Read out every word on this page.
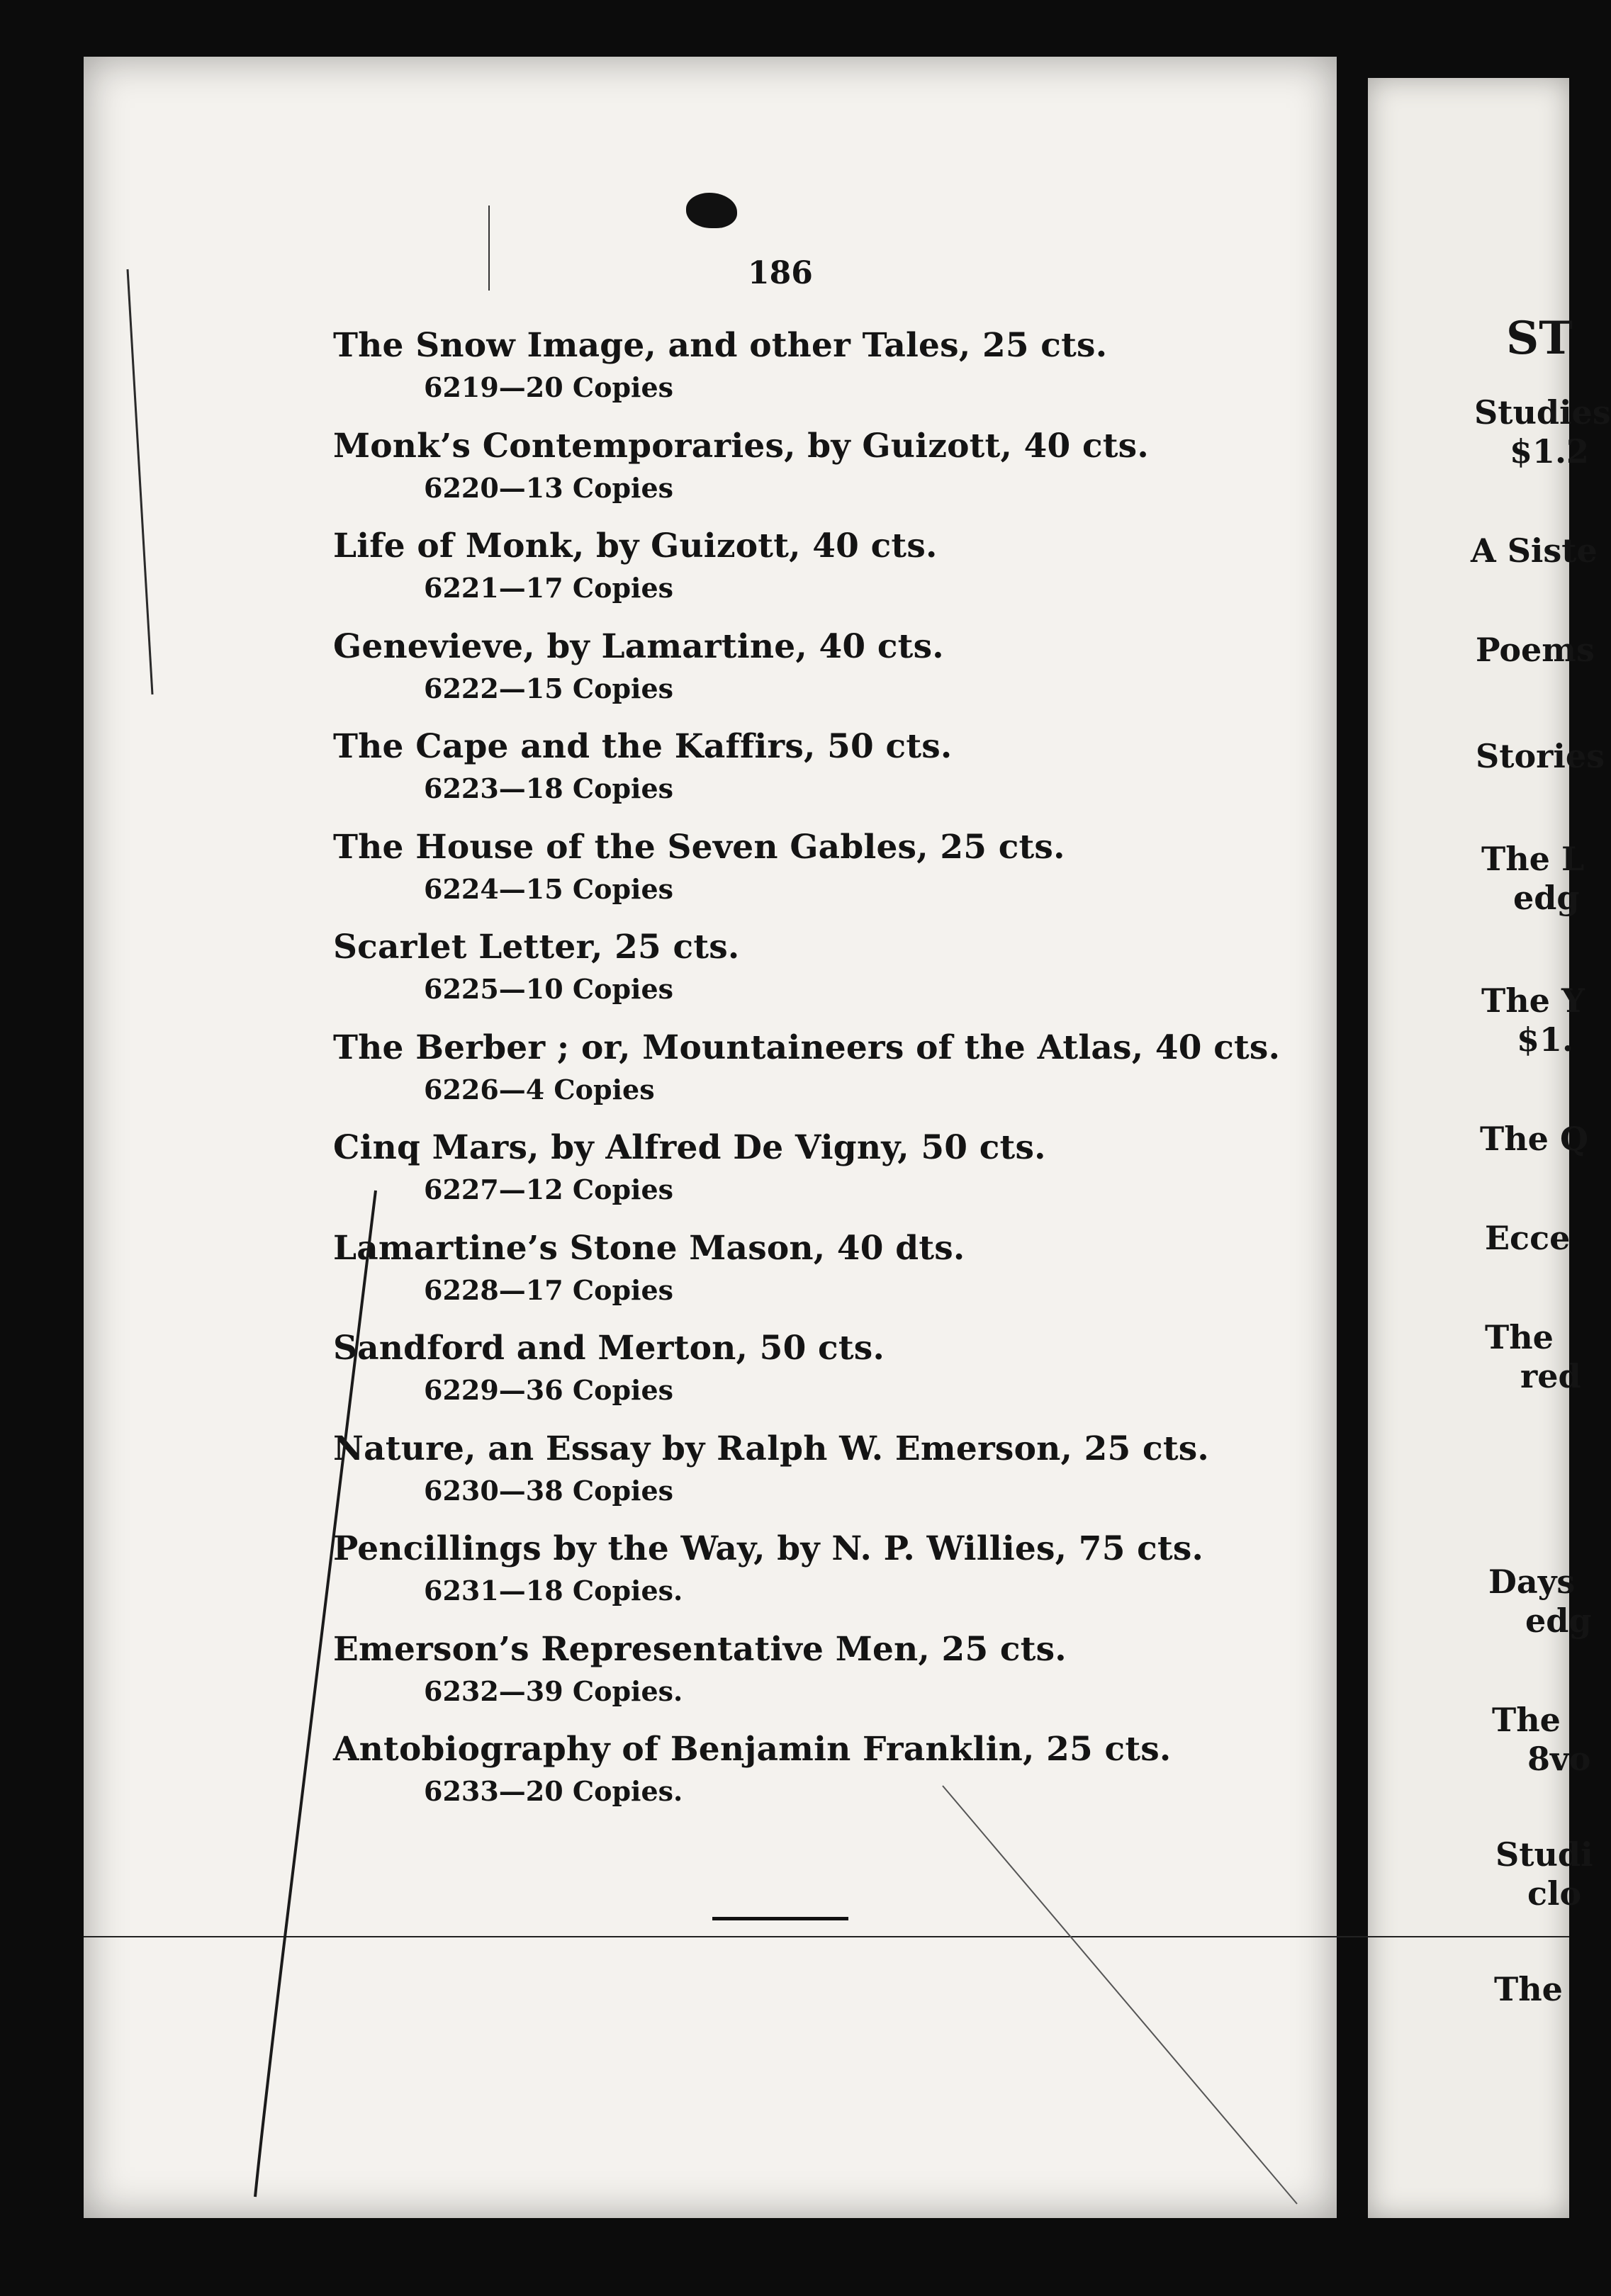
186
The Snow Image, and other Tales, 25 cts.
6219—20 Copies
Monk’s Contemporaries, by Guizott, 40 cts.
6220—13 Copies
Life of Monk, by Guizott, 40 cts.
6221—17 Copies
Genevieve, by Lamartine, 40 cts.
6222—15 Copies
The Cape and the Kaffirs, 50 cts.
6223—18 Copies
The House of the Seven Gables, 25 cts.
6224—15 Copies
Scarlet Letter, 25 cts.
6225—10 Copies
The Berber ; or, Mountaineers of the Atlas, 40 cts.
6226—4 Copies
Cinq Mars, by Alfred De Vigny, 50 cts.
6227—12 Copies
Lamartine’s Stone Mason, 40 dts.
6228—17 Copies
Sandford and Merton, 50 cts.
6229—36 Copies
Nature, an Essay by Ralph W. Emerson, 25 cts.
6230—38 Copies
Pencillings by the Way, by N. P. Willies, 75 cts.
6231—18 Copies.
Emerson’s Representative Men, 25 cts.
6232—39 Copies.
Antobiography of Benjamin Franklin, 25 cts.
6233—20 Copies.
ST
Studies
$1.2
A Siste
Poems
Stories
The L
edg
The Y
$1.
The Q
Ecce
The
red
Days
edg
The
8vo
Studi
clo
The
